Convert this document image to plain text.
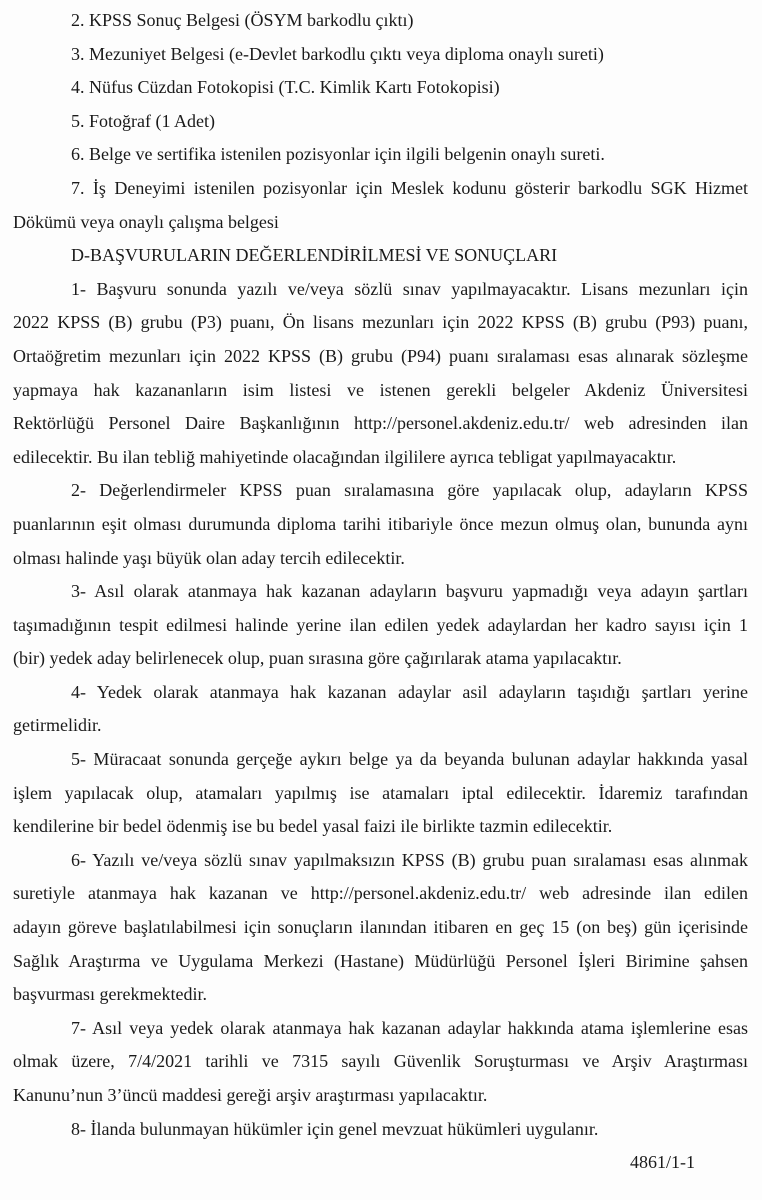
2. KPSS Sonuç Belgesi (ÖSYM barkodlu çıktı)

3. Mezuniyet Belgesi (e-Devlet barkodlu çıktı veya diploma onaylı sureti)

4. Nüfus Cüzdan Fotokopisi (T.C. Kimlik Kartı Fotokopisi)

5. Fotoğraf (1 Adet)

6. Belge ve sertifika istenilen pozisyonlar için ilgili belgenin onaylı sureti.

7. İş Deneyimi istenilen pozisyonlar için Meslek kodunu gösterir barkodlu SGK Hizmet
Dökümü veya onaylı çalışma belgesi

D-BAŞVURULARIN DEĞERLENDİRİLMESİ VE SONUÇLARI

1- Başvuru sonunda yazılı ve/veya sözlü sınav yapılmayacaktır. Lisans mezunları için
2022 KPSS (B) grubu (P3) puanı, Ön lisans mezunları için 2022 KPSS (B) grubu (P93) puanı,
Ortaöğretim mezunları için 2022 KPSS (B) grubu (P94) puanı sıralaması esas alınarak sözleşme
yapmaya hak kazananların isim listesi ve istenen gerekli belgeler Akdeniz Üniversitesi
Rektörlüğü Personel Daire Başkanlığının http://personel.akdeniz.edu.tr/ web adresinden ilan
edilecektir. Bu ilan tebliğ mahiyetinde olacağından ilgililere ayrıca tebligat yapılmayacaktır.

2- Değerlendirmeler KPSS puan sıralamasına göre yapılacak olup, adayların KPSS
puanlarının eşit olması durumunda diploma tarihi itibariyle önce mezun olmuş olan, bununda aynı
olması halinde yaşı büyük olan aday tercih edilecektir.

3- Asıl olarak atanmaya hak kazanan adayların başvuru yapmadığı veya adayın şartları
taşımadığının tespit edilmesi halinde yerine ilan edilen yedek adaylardan her kadro sayısı için 1
(bir) yedek aday belirlenecek olup, puan sırasına göre çağırılarak atama yapılacaktır.

4- Yedek olarak atanmaya hak kazanan adaylar asil adayların taşıdığı şartları yerine
getirmelidir.

5- Müracaat sonunda gerçeğe aykırı belge ya da beyanda bulunan adaylar hakkında yasal
işlem yapılacak olup, atamaları yapılmış ise atamaları iptal edilecektir. İdaremiz tarafından
kendilerine bir bedel ödenmiş ise bu bedel yasal faizi ile birlikte tazmin edilecektir.

6- Yazılı ve/veya sözlü sınav yapılmaksızın KPSS (B) grubu puan sıralaması esas alınmak
suretiyle atanmaya hak kazanan ve http://personel.akdeniz.edu.tr/ web adresinde ilan edilen
adayın göreve başlatılabilmesi için sonuçların ilanından itibaren en geç 15 (on beş) gün içerisinde
Sağlık Araştırma ve Uygulama Merkezi (Hastane) Müdürlüğü Personel İşleri Birimine şahsen
başvurması gerekmektedir.

7- Asıl veya yedek olarak atanmaya hak kazanan adaylar hakkında atama işlemlerine esas
olmak üzere, 7/4/2021 tarihli ve 7315 sayılı Güvenlik Soruşturması ve Arşiv Araştırması
Kanunu’nun 3’üncü maddesi gereği arşiv araştırması yapılacaktır.

8- İlanda bulunmayan hükümler için genel mevzuat hükümleri uygulanır.

4861/1-1
